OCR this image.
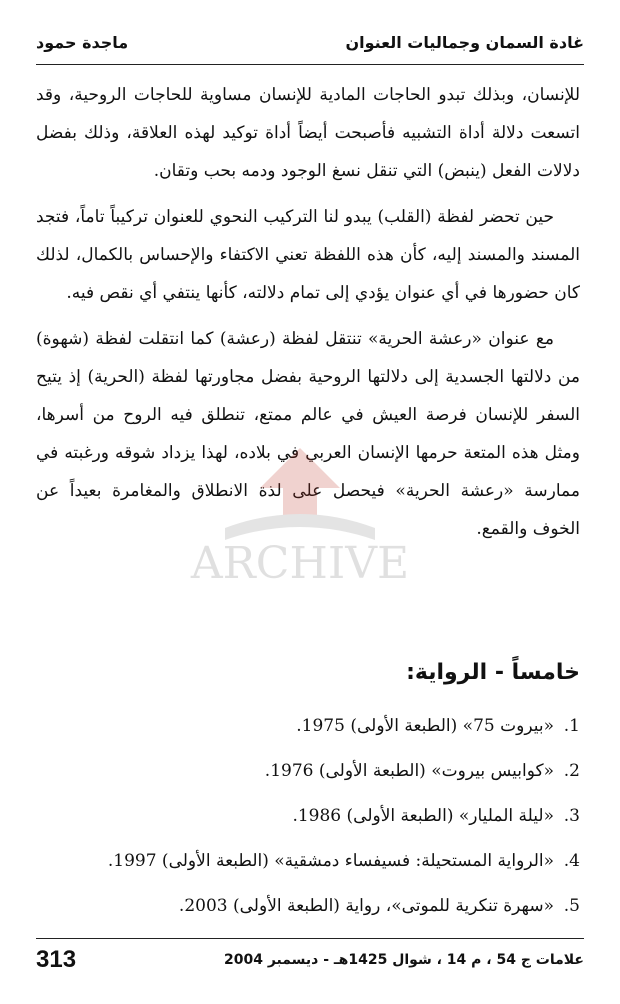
غادة السمان وجماليات العنوان
ماجدة حمود

للإنسان، وبذلك تبدو الحاجات المادية للإنسان مساوية للحاجات الروحية، وقد اتسعت دلالة أداة التشبيه فأصبحت أيضاً أداة توكيد لهذه العلاقة، وذلك بفضل دلالات الفعل (ينبض) التي تنقل نسغ الوجود ودمه بحب وتقان.

حين تحضر لفظة (القلب) يبدو لنا التركيب النحوي للعنوان تركيباً تاماً، فتجد المسند والمسند إليه، كأن هذه اللفظة تعني الاكتفاء والإحساس بالكمال، لذلك كان حضورها في أي عنوان يؤدي إلى تمام دلالته، كأنها ينتفي أي نقص فيه.

مع عنوان «رعشة الحرية» تنتقل لفظة (رعشة) كما انتقلت لفظة (شهوة) من دلالتها الجسدية إلى دلالتها الروحية بفضل مجاورتها لفظة (الحرية) إذ يتيح السفر للإنسان فرصة العيش في عالم ممتع، تنطلق فيه الروح من أسرها، ومثل هذه المتعة حرمها الإنسان العربي في بلاده، لهذا يزداد شوقه ورغبته في ممارسة «رعشة الحرية» فيحصل على لذة الانطلاق والمغامرة بعيداً عن الخوف والقمع.

ARCHIVE
خامساً - الرواية:
1.
«بيروت 75» (الطبعة الأولى) 1975.
2.
«كوابيس بيروت» (الطبعة الأولى) 1976.
3.
«ليلة المليار» (الطبعة الأولى) 1986.
4.
«الرواية المستحيلة: فسيفساء دمشقية» (الطبعة الأولى) 1997.
5.
«سهرة تنكرية للموتى»، رواية (الطبعة الأولى) 2003.
علامات ج 54 ، م 14 ، شوال 1425هـ - ديسمبر 2004
313
